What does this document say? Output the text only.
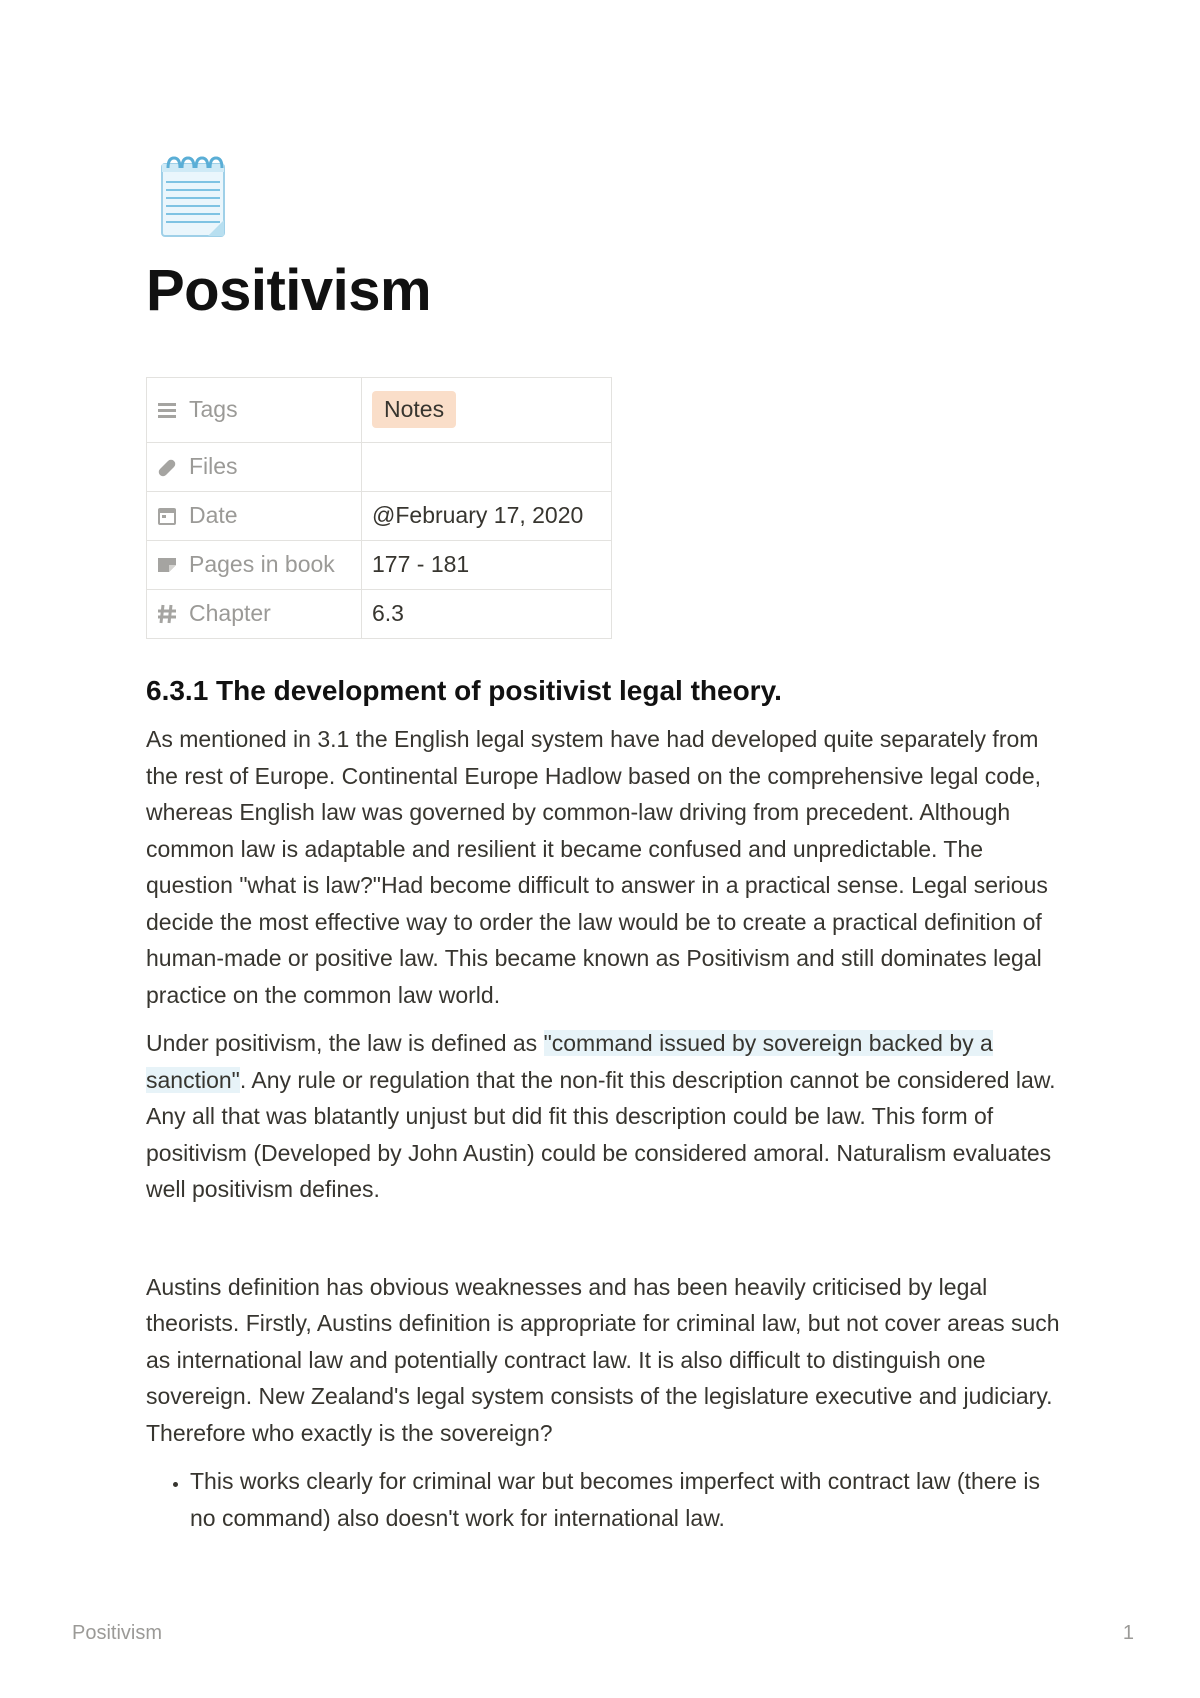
Positivism
Tags	Notes
Files	
Date	@February 17, 2020
Pages in book	177 - 181
Chapter	6.3
6.3.1 The development of positivist legal theory.

As mentioned in 3.1 the English legal system have had developed quite separately from the rest of Europe. Continental Europe Hadlow based on the comprehensive legal code, whereas English law was governed by common-law driving from precedent. Although common law is adaptable and resilient it became confused and unpredictable. The question "what is law?"Had become difficult to answer in a practical sense. Legal serious decide the most effective way to order the law would be to create a practical definition of human-made or positive law. This became known as Positivism and still dominates legal practice on the common law world.

Under positivism, the law is defined as "command issued by sovereign backed by a sanction". Any rule or regulation that the non-fit this description cannot be considered law. Any all that was blatantly unjust but did fit this description could be law. This form of positivism (Developed by John Austin) could be considered amoral. Naturalism evaluates well positivism defines.

Austins definition has obvious weaknesses and has been heavily criticised by legal theorists. Firstly, Austins definition is appropriate for criminal law, but not cover areas such as international law and potentially contract law. It is also difficult to distinguish one sovereign. New Zealand's legal system consists of the legislature executive and judiciary. Therefore who exactly is the sovereign?

• This works clearly for criminal war but becomes imperfect with contract law (there is no command) also doesn't work for international law.
Positivism	1
